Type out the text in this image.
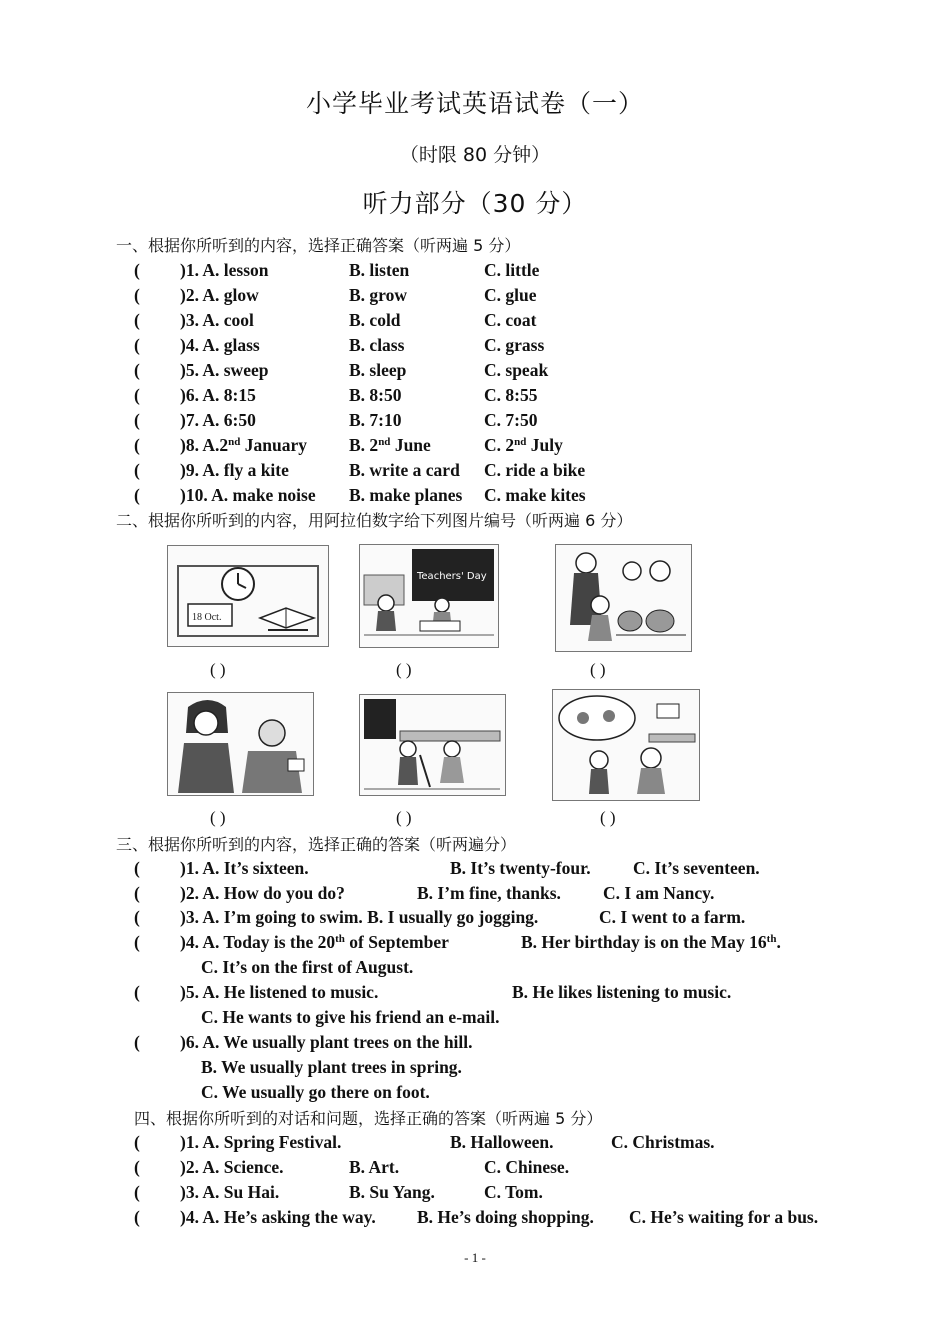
小学毕业考试英语试卷（一）
（时限 80 分钟）
听力部分（30 分）
一、根据你所听到的内容，选择正确答案（听两遍 5 分）
( )1. A. lesson	B. listen	C. little
( )2. A. glow	B. grow	C. glue
( )3. A. cool	B. cold	C. coat
( )4. A. glass	B. class	C. grass
( )5. A. sweep	B. sleep	C. speak
( )6. A. 8:15	B. 8:50	C. 8:55
( )7. A. 6:50	B. 7:10	C. 7:50
( )8. A.2nd January B. 2nd June	C. 2nd July
( )9. A. fly a kite	B. write a card C. ride a bike
( )10. A. make noise B. make planes C. make kites
二、根据你所听到的内容，用阿拉伯数字给下列图片编号（听两遍 6 分）
18 Oct.
Teachers' Day
( )	( )	( )
( )	( )	( )
三、根据你所听到的内容，选择正确的答案（听两遍分）
( )1. A. It’s sixteen.	B. It’s twenty-four. C. It’s seventeen.
( )2. A. How do you do?	B. I’m fine, thanks. C. I am Nancy.
( )3. A. I’m going to swim. B. I usually go jogging.	C. I went to a farm.
( )4. A. Today is the 20th of September	B. Her birthday is on the May 16th.
C. It’s on the first of August.
( )5. A. He listened to music.	B. He likes listening to music.
C. He wants to give his friend an e-mail.
( )6. A. We usually plant trees on the hill.
B. We usually plant trees in spring.
C. We usually go there on foot.
四、根据你所听到的对话和问题，选择正确的答案（听两遍 5 分）
( )1. A. Spring Festival.	B. Halloween.	C. Christmas.
( )2. A. Science.	B. Art.	C. Chinese.
( )3. A. Su Hai.	B. Su Yang.	C. Tom.
( )4. A. He’s asking the way. B. He’s doing shopping. C. He’s waiting for a bus.
- 1 -
